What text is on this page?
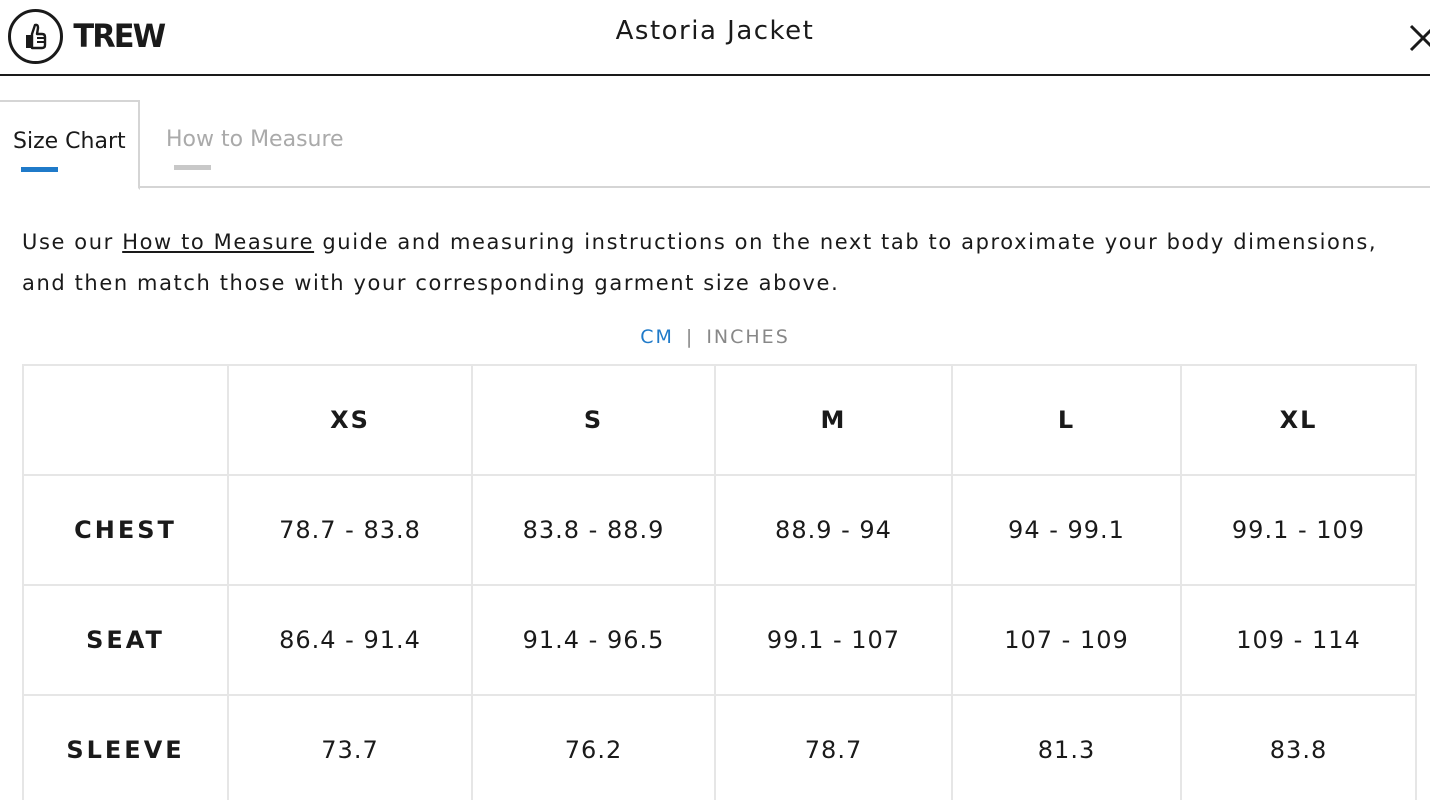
TREW	Astoria Jacket
Size Chart How to Measure

Use our How to Measure guide and measuring instructions on the next tab to aproximate your body dimensions, and then match those with your corresponding garment size above.

CM | INCHES
	XS	S	M	L	XL
CHEST	78.7 - 83.8	83.8 - 88.9	88.9 - 94	94 - 99.1	99.1 - 109
SEAT	86.4 - 91.4	91.4 - 96.5	99.1 - 107	107 - 109	109 - 114
SLEEVE	73.7	76.2	78.7	81.3	83.8
